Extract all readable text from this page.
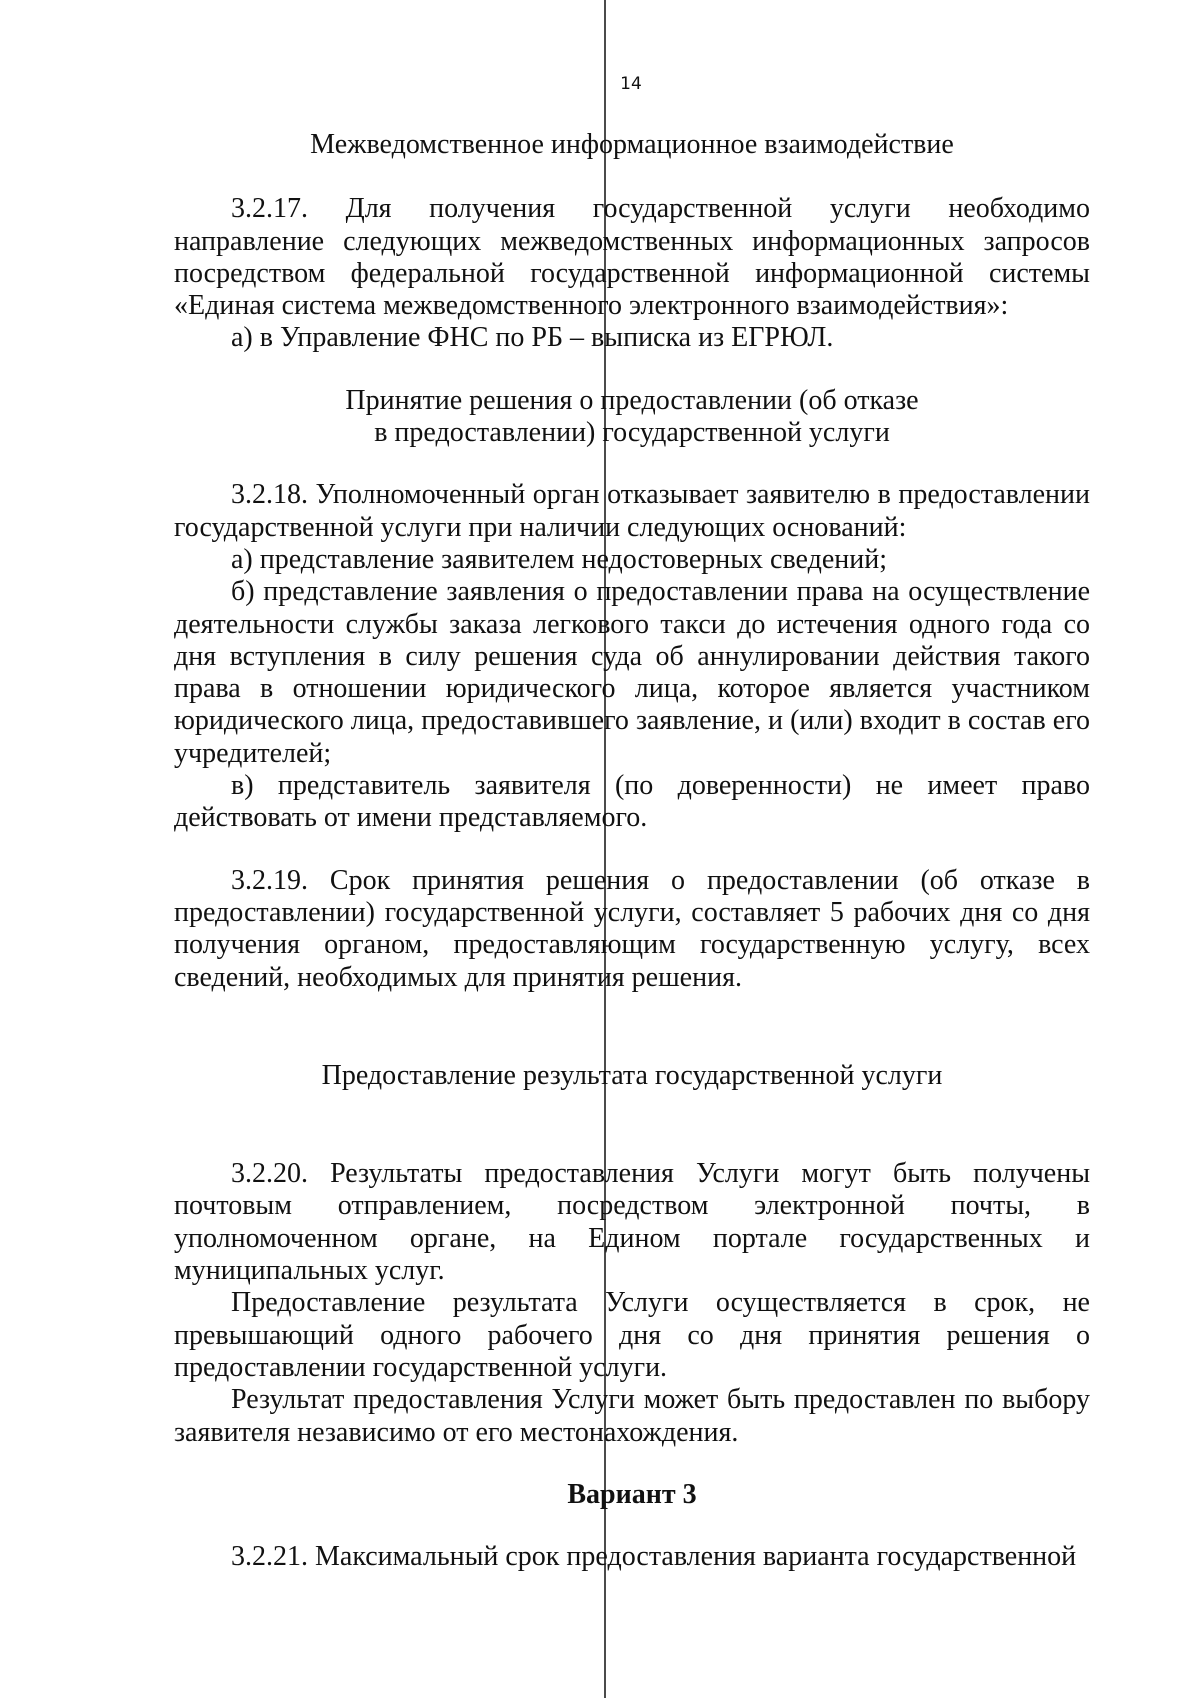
14

Межведомственное информационное взаимодействие

3.2.17. Для получения государственной услуги необходимо направление следующих межведомственных информационных запросов посредством федеральной государственной информационной системы «Единая система межведомственного электронного взаимодействия»:

а) в Управление ФНС по РБ – выписка из ЕГРЮЛ.

Принятие решения о предоставлении (об отказе

в предоставлении) государственной услуги

3.2.18. Уполномоченный орган отказывает заявителю в предоставлении государственной услуги при наличии следующих оснований:

а) представление заявителем недостоверных сведений;

б) представление заявления о предоставлении права на осуществление деятельности службы заказа легкового такси до истечения одного года со дня вступления в силу решения суда об аннулировании действия такого права в отношении юридического лица, которое является участником юридического лица, предоставившего заявление, и (или) входит в состав его учредителей;

в) представитель заявителя (по доверенности) не имеет право действовать от имени представляемого.

3.2.19. Срок принятия решения о предоставлении (об отказе в предоставлении) государственной услуги, составляет 5 рабочих дня со дня получения органом, предоставляющим государственную услугу, всех сведений, необходимых для принятия решения.

Предоставление результата государственной услуги

3.2.20. Результаты предоставления Услуги могут быть получены почтовым отправлением, посредством электронной почты, в уполномоченном органе, на Едином портале государственных и муниципальных услуг.

Предоставление результата Услуги осуществляется в срок, не превышающий одного рабочего дня со дня принятия решения о предоставлении государственной услуги.

Результат предоставления Услуги может быть предоставлен по выбору заявителя независимо от его местонахождения.

Вариант 3

3.2.21. Максимальный срок предоставления варианта государственной
